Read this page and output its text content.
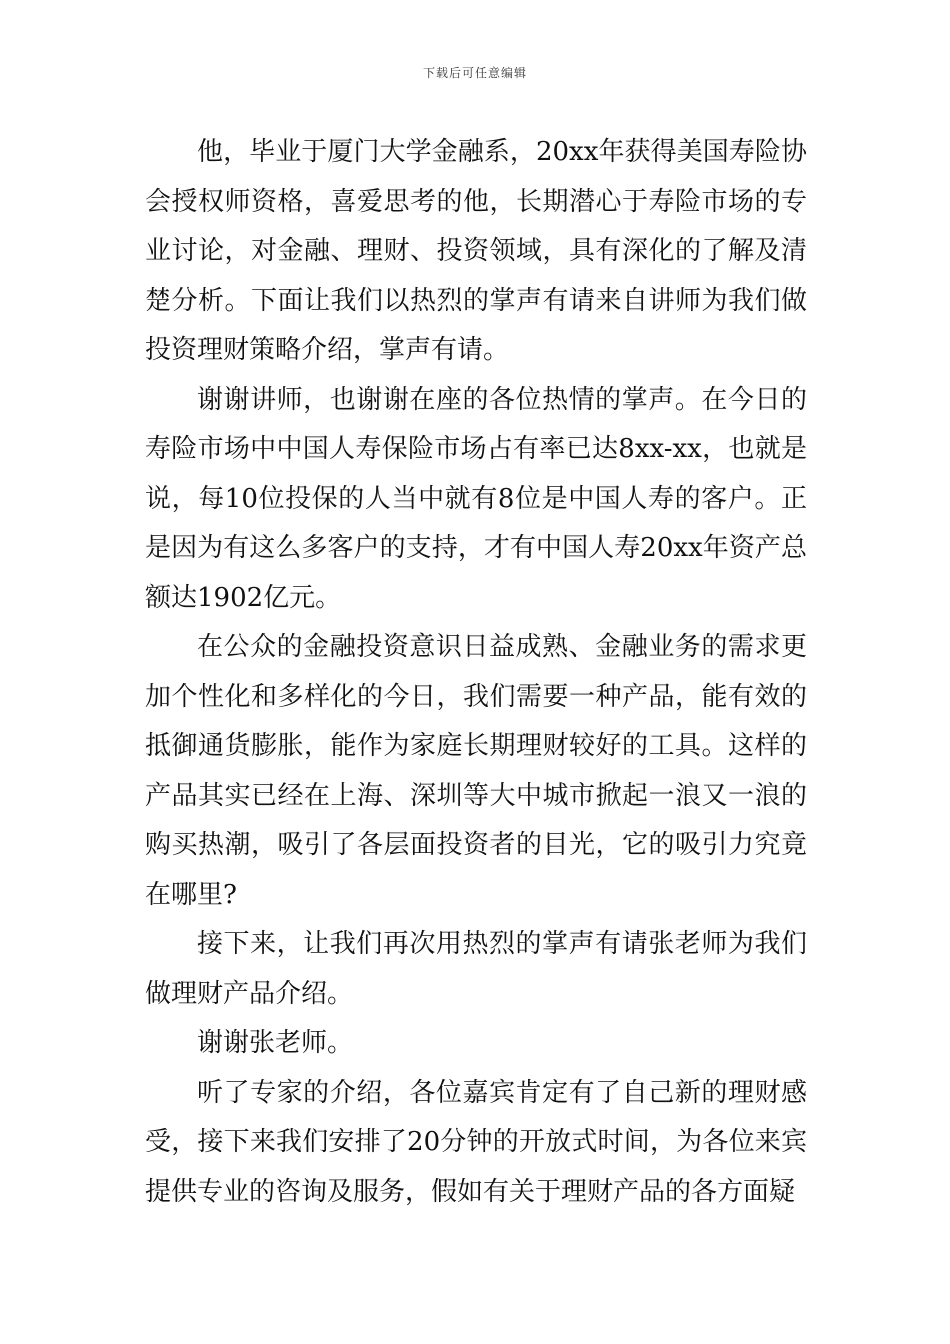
下载后可任意编辑

他，毕业于厦门大学金融系，20xx年获得美国寿险协会授权师资格，喜爱思考的他，长期潜心于寿险市场的专业讨论，对金融、理财、投资领域，具有深化的了解及清楚分析。下面让我们以热烈的掌声有请来自讲师为我们做投资理财策略介绍，掌声有请。

谢谢讲师，也谢谢在座的各位热情的掌声。在今日的寿险市场中中国人寿保险市场占有率已达8xx-xx，也就是说，每10位投保的人当中就有8位是中国人寿的客户。正是因为有这么多客户的支持，才有中国人寿20xx年资产总额达1902亿元。

在公众的金融投资意识日益成熟、金融业务的需求更加个性化和多样化的今日，我们需要一种产品，能有效的抵御通货膨胀，能作为家庭长期理财较好的工具。这样的产品其实已经在上海、深圳等大中城市掀起一浪又一浪的购买热潮，吸引了各层面投资者的目光，它的吸引力究竟在哪里?

接下来，让我们再次用热烈的掌声有请张老师为我们做理财产品介绍。

谢谢张老师。

听了专家的介绍，各位嘉宾肯定有了自己新的理财感受，接下来我们安排了20分钟的开放式时间，为各位来宾提供专业的咨询及服务，假如有关于理财产品的各方面疑
